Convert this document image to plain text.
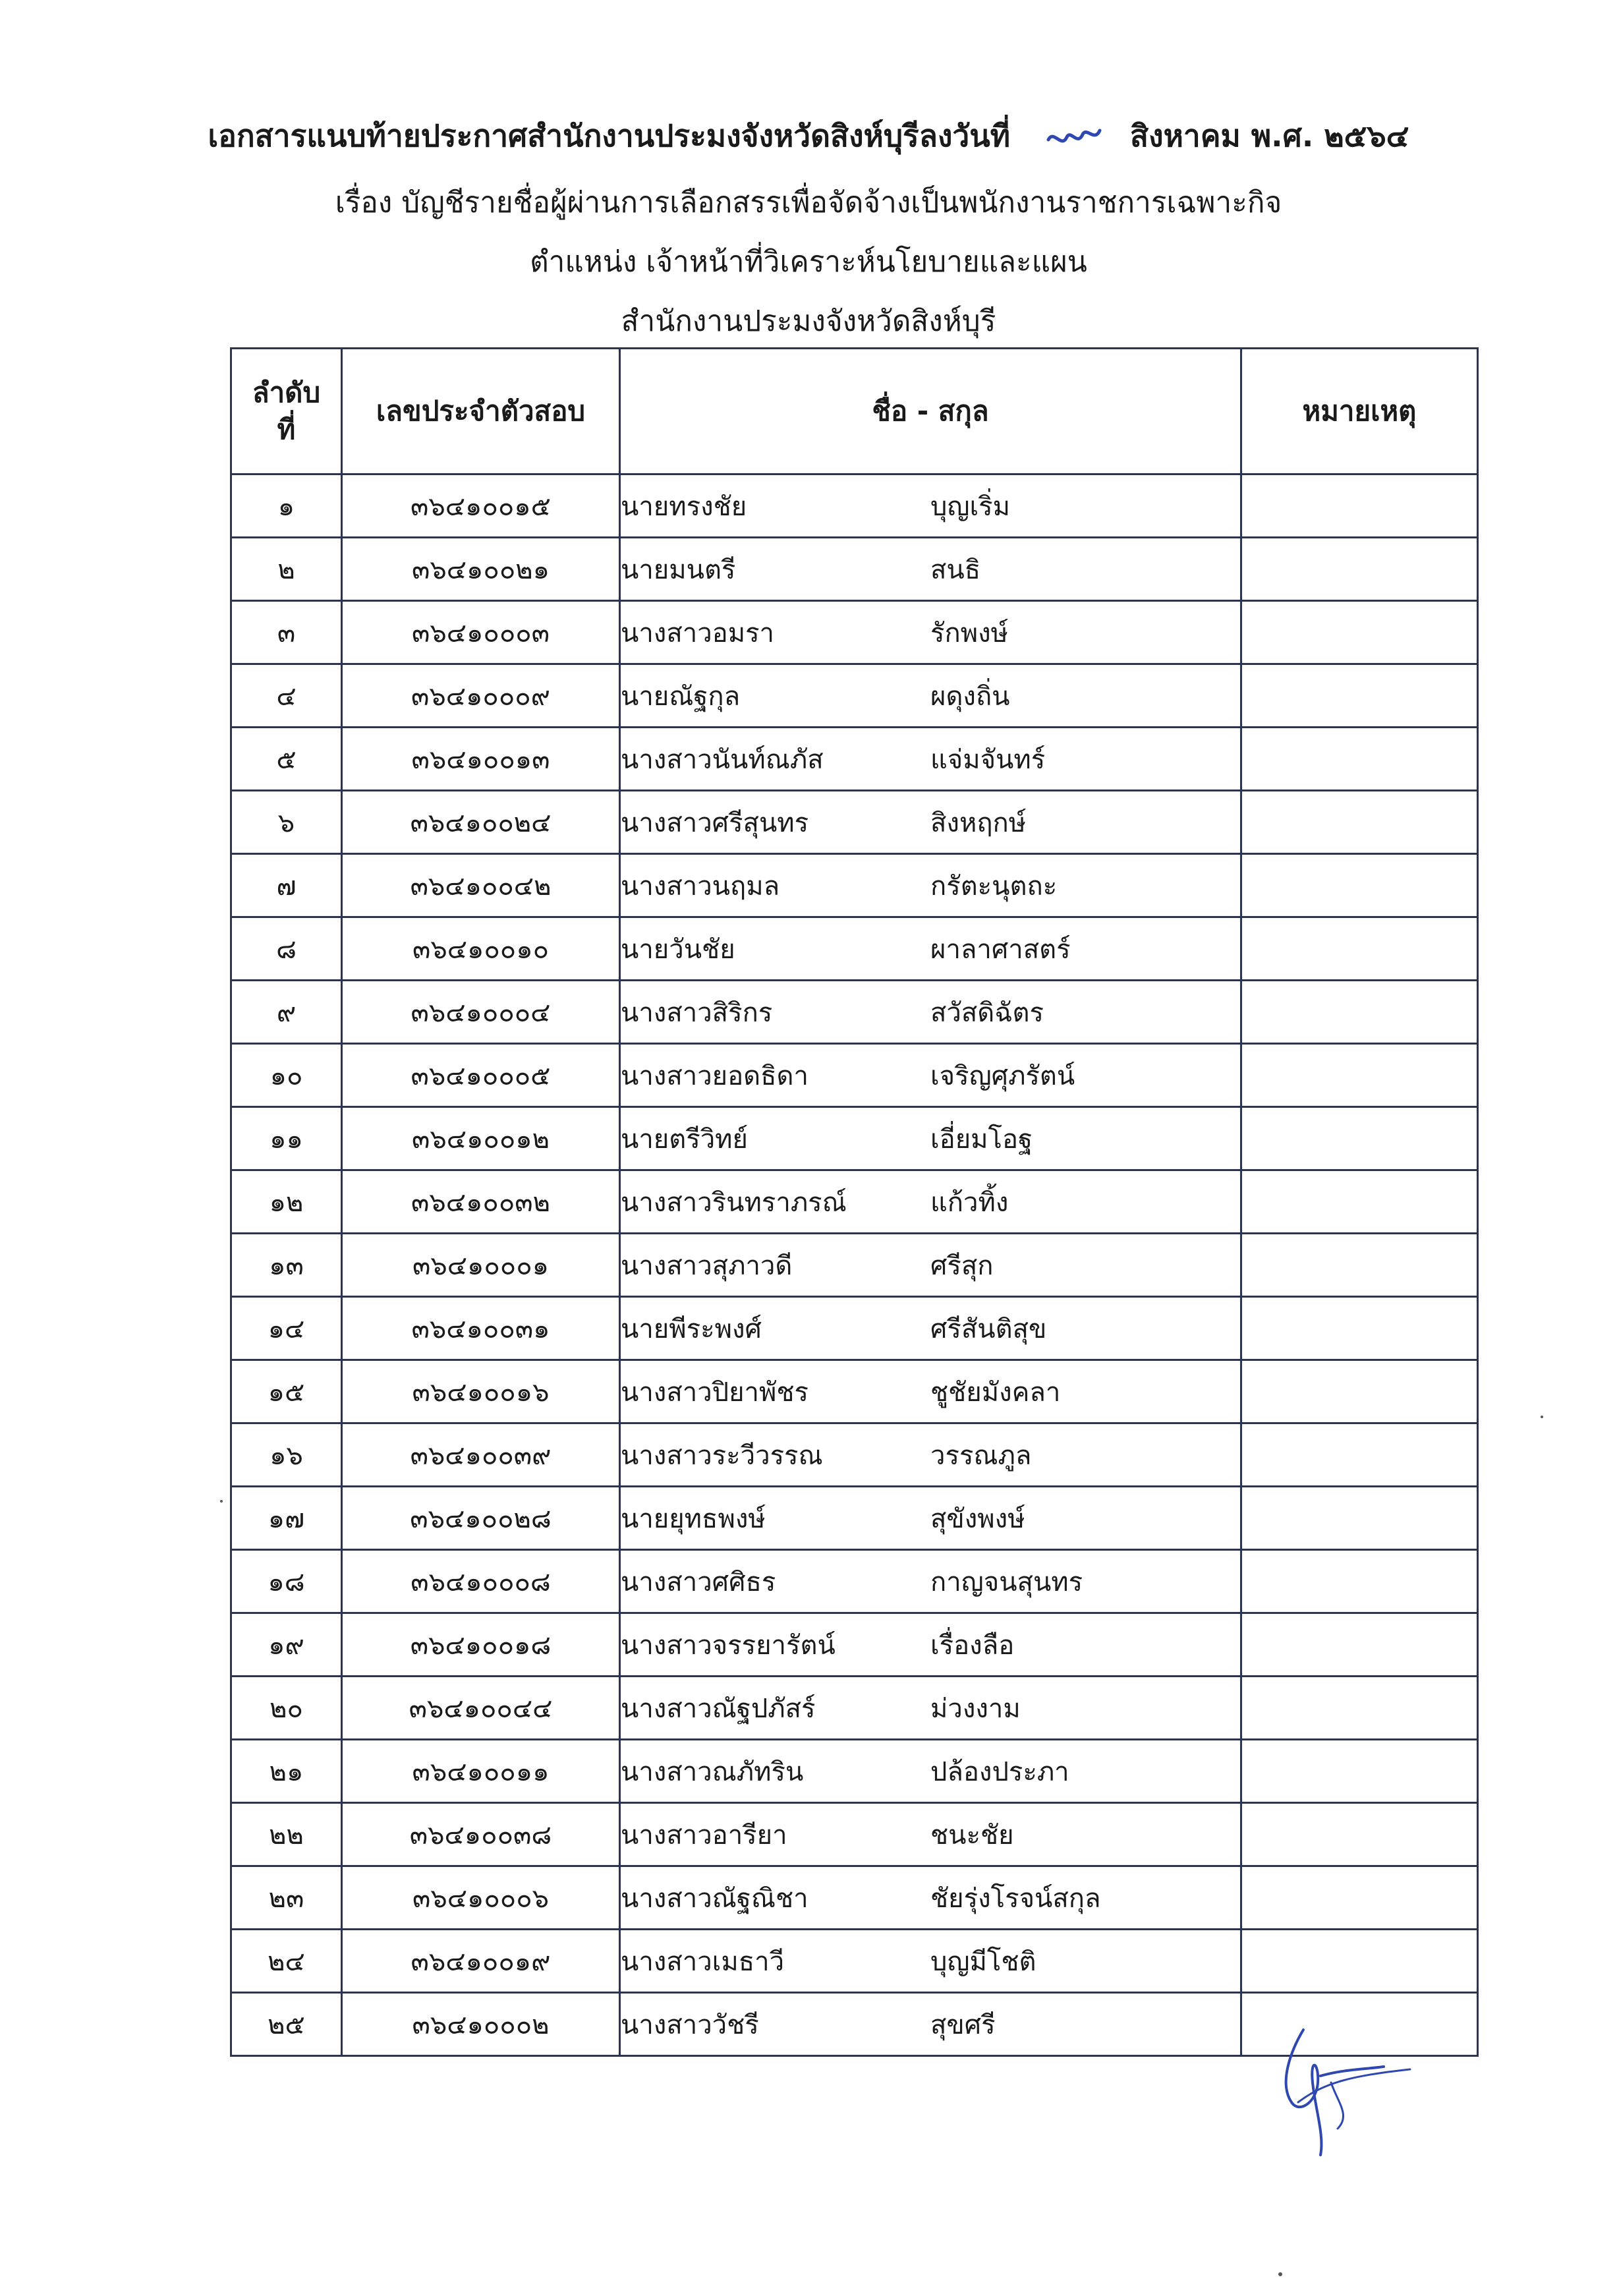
เอกสารแนบท้ายประกาศสำนักงานประมงจังหวัดสิงห์บุรีลงวันที่	สิงหาคม พ.ศ. ๒๕๖๔
เรื่อง บัญชีรายชื่อผู้ผ่านการเลือกสรรเพื่อจัดจ้างเป็นพนักงานราชการเฉพาะกิจ
ตำแหน่ง เจ้าหน้าที่วิเคราะห์นโยบายและแผน
สำนักงานประมงจังหวัดสิงห์บุรี
ลำดับ
ที่	เลขประจำตัวสอบ	ชื่อ - สกุล	หมายเหตุ
๑	๓๖๔๑๐๐๑๕	นายทรงชัย บุญเริ่ม	
๒	๓๖๔๑๐๐๒๑	นายมนตรี สนธิ	
๓	๓๖๔๑๐๐๐๓	นางสาวอมรา รักพงษ์	
๔	๓๖๔๑๐๐๐๙	นายณัฐกุล ผดุงถิ่น	
๕	๓๖๔๑๐๐๑๓	นางสาวนันท์ณภัส แจ่มจันทร์	
๖	๓๖๔๑๐๐๒๔	นางสาวศรีสุนทร สิงหฤกษ์	
๗	๓๖๔๑๐๐๔๒	นางสาวนฤมล กรัตะนุตถะ	
๘	๓๖๔๑๐๐๑๐	นายวันชัย ผาลาศาสตร์	
๙	๓๖๔๑๐๐๐๔	นางสาวสิริกร สวัสดิฉัตร	
๑๐	๓๖๔๑๐๐๐๕	นางสาวยอดธิดา เจริญศุภรัตน์	
๑๑	๓๖๔๑๐๐๑๒	นายตรีวิทย์ เอี่ยมโอฐ	
๑๒	๓๖๔๑๐๐๓๒	นางสาวรินทราภรณ์ แก้วทิ้ง	
๑๓	๓๖๔๑๐๐๐๑	นางสาวสุภาวดี ศรีสุก	
๑๔	๓๖๔๑๐๐๓๑	นายพีระพงศ์ ศรีสันติสุข	
๑๕	๓๖๔๑๐๐๑๖	นางสาวปิยาพัชร ชูชัยมังคลา	
๑๖	๓๖๔๑๐๐๓๙	นางสาวระวีวรรณ วรรณภูล	
๑๗	๓๖๔๑๐๐๒๘	นายยุทธพงษ์ สุขังพงษ์	
๑๘	๓๖๔๑๐๐๐๘	นางสาวศศิธร กาญจนสุนทร	
๑๙	๓๖๔๑๐๐๑๘	นางสาวจรรยารัตน์ เรื่องลือ	
๒๐	๓๖๔๑๐๐๔๔	นางสาวณัฐปภัสร์ ม่วงงาม	
๒๑	๓๖๔๑๐๐๑๑	นางสาวณภัทริน ปล้องประภา	
๒๒	๓๖๔๑๐๐๓๘	นางสาวอารียา ชนะชัย	
๒๓	๓๖๔๑๐๐๐๖	นางสาวณัฐณิชา ชัยรุ่งโรจน์สกุล	
๒๔	๓๖๔๑๐๐๑๙	นางสาวเมธาวี บุญมีโชติ	
๒๕	๓๖๔๑๐๐๐๒	นางสาววัชรี สุขศรี	
